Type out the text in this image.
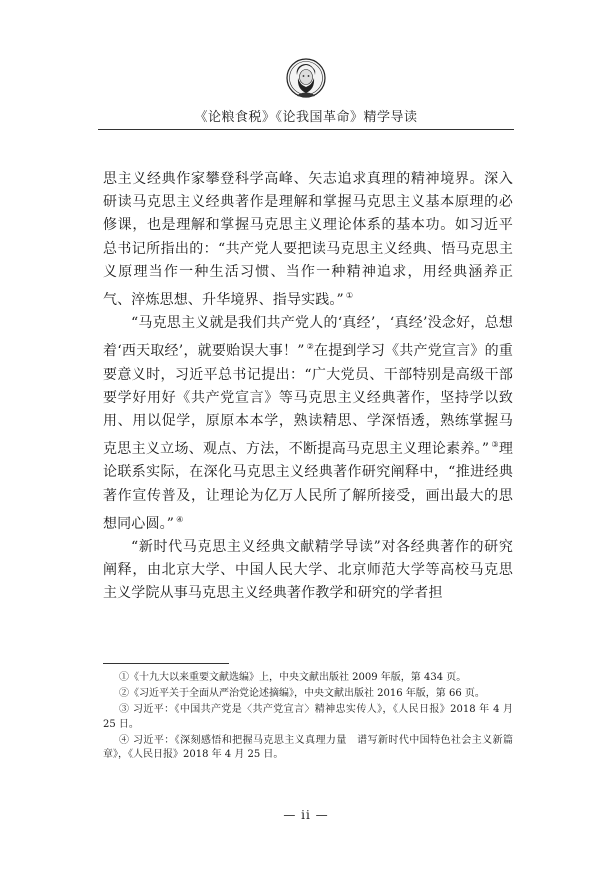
《论粮食税》《论我国革命》精学导读

思主义经典作家攀登科学高峰、矢志追求真理的精神境界。深入研读马克思主义经典著作是理解和掌握马克思主义基本原理的必修课，也是理解和掌握马克思主义理论体系的基本功。如习近平总书记所指出的：“共产党人要把读马克思主义经典、悟马克思主义原理当作一种生活习惯、当作一种精神追求，用经典涵养正气、淬炼思想、升华境界、指导实践。” ①

“马克思主义就是我们共产党人的‘真经’，‘真经’没念好，总想着‘西天取经’，就要贻误大事！” ②在提到学习《共产党宣言》的重要意义时，习近平总书记提出：“广大党员、干部特别是高级干部要学好用好《共产党宣言》等马克思主义经典著作，坚持学以致用、用以促学，原原本本学，熟读精思、学深悟透，熟练掌握马克思主义立场、观点、方法，不断提高马克思主义理论素养。” ③理论联系实际，在深化马克思主义经典著作研究阐释中，“推进经典著作宣传普及，让理论为亿万人民所了解所接受，画出最大的思想同心圆。” ④

“新时代马克思主义经典文献精学导读”对各经典著作的研究阐释，由北京大学、中国人民大学、北京师范大学等高校马克思主义学院从事马克思主义经典著作教学和研究的学者担

①《十九大以来重要文献选编》上，中央文献出版社 2009 年版，第 434 页。

②《习近平关于全面从严治党论述摘编》，中央文献出版社 2016 年版，第 66 页。

③ 习近平：《中国共产党是〈共产党宣言〉精神忠实传人》，《人民日报》2018 年 4 月 25 日。

④ 习近平：《深刻感悟和把握马克思主义真理力量　谱写新时代中国特色社会主义新篇章》，《人民日报》2018 年 4 月 25 日。

— ii —
